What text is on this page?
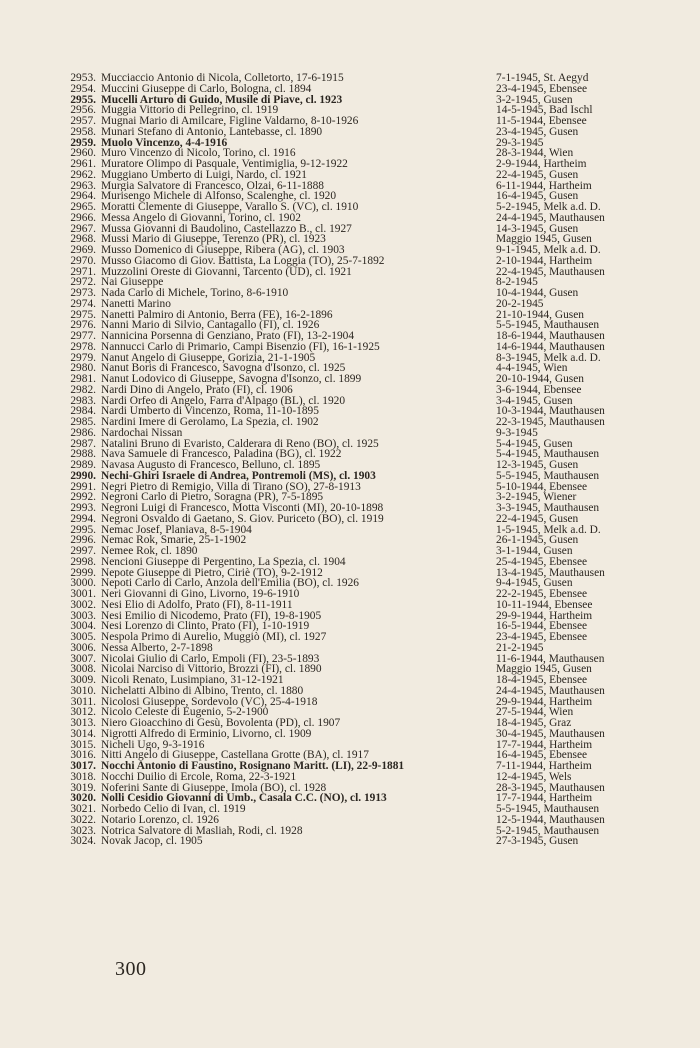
2953. Mucciaccio Antonio di Nicola, Colletorto, 17-6-1915	7-1-1945, St. Aegyd
2954. Muccini Giuseppe di Carlo, Bologna, cl. 1894	23-4-1945, Ebensee
2955. Mucelli Arturo di Guido, Musile di Piave, cl. 1923	3-2-1945, Gusen
2956. Muggia Vittorio di Pellegrino, cl. 1919	14-5-1945, Bad Ischl
2957. Mugnai Mario di Amilcare, Figline Valdarno, 8-10-1926	11-5-1944, Ebensee
2958. Munari Stefano di Antonio, Lantebasse, cl. 1890	23-4-1945, Gusen
2959. Muolo Vincenzo, 4-4-1916	29-3-1945
2960. Muro Vincenzo di Nicolo, Torino, cl. 1916	28-3-1944, Wien
2961. Muratore Olimpo di Pasquale, Ventimiglia, 9-12-1922	2-9-1944, Hartheim
2962. Muggiano Umberto di Luigi, Nardo, cl. 1921	22-4-1945, Gusen
2963. Murgia Salvatore di Francesco, Olzai, 6-11-1888	6-11-1944, Hartheim
2964. Murisengo Michele di Alfonso, Scalenghe, cl. 1920	16-4-1945, Gusen
2965. Moratti Clemente di Giuseppe, Varallo S. (VC), cl. 1910	5-2-1945, Melk a.d. D.
2966. Messa Angelo di Giovanni, Torino, cl. 1902	24-4-1945, Mauthausen
2967. Mussa Giovanni di Baudolino, Castellazzo B., cl. 1927	14-3-1945, Gusen
2968. Mussi Mario di Giuseppe, Terenzo (PR), cl. 1923	Maggio 1945, Gusen
2969. Musso Domenico di Giuseppe, Ribera (AG), cl. 1903	9-1-1945, Melk a.d. D.
2970. Musso Giacomo di Giov. Battista, La Loggia (TO), 25-7-1892	2-10-1944, Hartheim
2971. Muzzolini Oreste di Giovanni, Tarcento (UD), cl. 1921	22-4-1945, Mauthausen
2972. Nai Giuseppe	8-2-1945
2973. Nada Carlo di Michele, Torino, 8-6-1910	10-4-1944, Gusen
2974. Nanetti Marino	20-2-1945
2975. Nanetti Palmiro di Antonio, Berra (FE), 16-2-1896	21-10-1944, Gusen
2976. Nanni Mario di Silvio, Cantagallo (FI), cl. 1926	5-5-1945, Mauthausen
2977. Nannicina Porsenna di Genziano, Prato (FI), 13-2-1904	18-6-1944, Mauthausen
2978. Nannucci Carlo di Primario, Campi Bisenzio (FI), 16-1-1925	14-6-1944, Mauthausen
2979. Nanut Angelo di Giuseppe, Gorizia, 21-1-1905	8-3-1945, Melk a.d. D.
2980. Nanut Boris di Francesco, Savogna d'Isonzo, cl. 1925	4-4-1945, Wien
2981. Nanut Lodovico di Giuseppe, Savogna d'Isonzo, cl. 1899	20-10-1944, Gusen
2982. Nardi Dino di Angelo, Prato (FI), cl. 1906	3-6-1944, Ebensee
2983. Nardi Orfeo di Angelo, Farra d'Alpago (BL), cl. 1920	3-4-1945, Gusen
2984. Nardi Umberto di Vincenzo, Roma, 11-10-1895	10-3-1944, Mauthausen
2985. Nardini Imere di Gerolamo, La Spezia, cl. 1902	22-3-1945, Mauthausen
2986. Nardochai Nissan	9-3-1945
2987. Natalini Bruno di Evaristo, Calderara di Reno (BO), cl. 1925	5-4-1945, Gusen
2988. Nava Samuele di Francesco, Paladina (BG), cl. 1922	5-4-1945, Mauthausen
2989. Navasa Augusto di Francesco, Belluno, cl. 1895	12-3-1945, Gusen
2990. Nechi-Ghiri Israele di Andrea, Pontremoli (MS), cl. 1903	5-5-1945, Mauthausen
2991. Negri Pietro di Remigio, Villa di Tirano (SO), 27-8-1913	5-10-1944, Ebensee
2992. Negroni Carlo di Pietro, Soragna (PR), 7-5-1895	3-2-1945, Wiener
2993. Negroni Luigi di Francesco, Motta Visconti (MI), 20-10-1898	3-3-1945, Mauthausen
2994. Negroni Osvaldo di Gaetano, S. Giov. Puriceto (BO), cl. 1919	22-4-1945, Gusen
2995. Nemac Josef, Planiava, 8-5-1904	1-5-1945, Melk a.d. D.
2996. Nemac Rok, Smarie, 25-1-1902	26-1-1945, Gusen
2997. Nemee Rok, cl. 1890	3-1-1944, Gusen
2998. Nencioni Giuseppe di Pergentino, La Spezia, cl. 1904	25-4-1945, Ebensee
2999. Nepote Giuseppe di Pietro, Ciriè (TO), 9-2-1912	13-4-1945, Mauthausen
3000. Nepoti Carlo di Carlo, Anzola dell'Emilia (BO), cl. 1926	9-4-1945, Gusen
3001. Neri Giovanni di Gino, Livorno, 19-6-1910	22-2-1945, Ebensee
3002. Nesi Elio di Adolfo, Prato (FI), 8-11-1911	10-11-1944, Ebensee
3003. Nesi Emilio di Nicodemo, Prato (FI), 19-8-1905	29-9-1944, Hartheim
3004. Nesi Lorenzo di Clinto, Prato (FI), 1-10-1919	16-5-1944, Ebensee
3005. Nespola Primo di Aurelio, Muggiò (MI), cl. 1927	23-4-1945, Ebensee
3006. Nessa Alberto, 2-7-1898	21-2-1945
3007. Nicolai Giulio di Carlo, Empoli (FI), 23-5-1893	11-6-1944, Mauthausen
3008. Nicolai Narciso di Vittorio, Brozzi (FI), cl. 1890	Maggio 1945, Gusen
3009. Nicoli Renato, Lusimpiano, 31-12-1921	18-4-1945, Ebensee
3010. Nichelatti Albino di Albino, Trento, cl. 1880	24-4-1945, Mauthausen
3011. Nicolosi Giuseppe, Sordevolo (VC), 25-4-1918	29-9-1944, Hartheim
3012. Nicolo Celeste di Eugenio, 5-2-1900	27-5-1944, Wien
3013. Niero Gioacchino di Gesù, Bovolenta (PD), cl. 1907	18-4-1945, Graz
3014. Nigrotti Alfredo di Erminio, Livorno, cl. 1909	30-4-1945, Mauthausen
3015. Nicheli Ugo, 9-3-1916	17-7-1944, Hartheim
3016. Nitti Angelo di Giuseppe, Castellana Grotte (BA), cl. 1917	16-4-1945, Ebensee
3017. Nocchi Antonio di Faustino, Rosignano Maritt. (LI), 22-9-1881	7-11-1944, Hartheim
3018. Nocchi Duilio di Ercole, Roma, 22-3-1921	12-4-1945, Wels
3019. Noferini Sante di Giuseppe, Imola (BO), cl. 1928	28-3-1945, Mauthausen
3020. Nolli Cesidio Giovanni di Umb., Casala C.C. (NO), cl. 1913	17-7-1944, Hartheim
3021. Norbedo Celio di Ivan, cl. 1919	5-5-1945, Mauthausen
3022. Notario Lorenzo, cl. 1926	12-5-1944, Mauthausen
3023. Notrica Salvatore di Masliah, Rodi, cl. 1928	5-2-1945, Mauthausen
3024. Novak Jacop, cl. 1905	27-3-1945, Gusen
300
